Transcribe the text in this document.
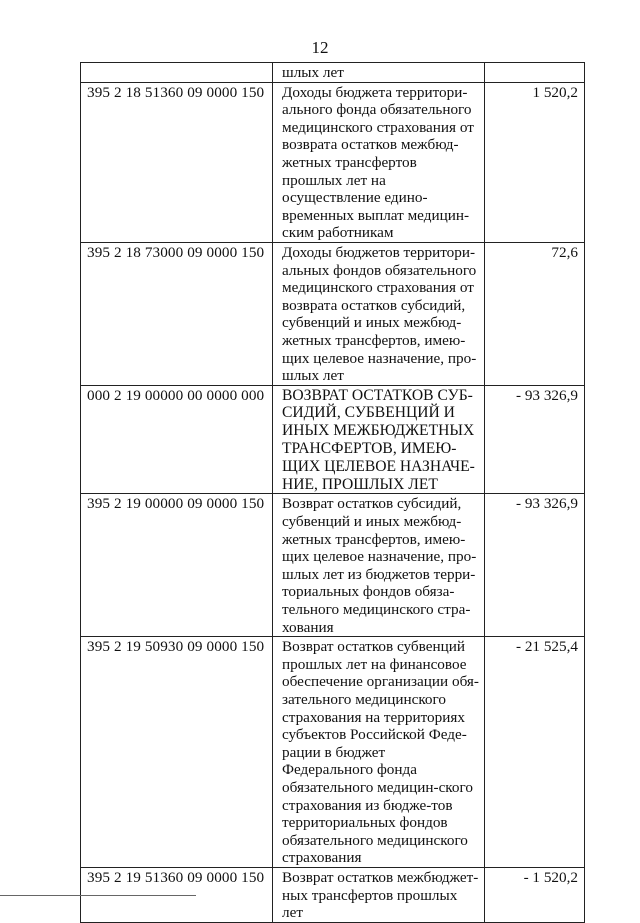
12
	шлых лет	
395 2 18 51360 09 0000 150	Доходы бюджета территори-ального фонда обязательного медицинского страхования от возврата остатков межбюд-жетных трансфертов прошлых лет на осуществление едино-временных выплат медицин-ским работникам	1 520,2
395 2 18 73000 09 0000 150	Доходы бюджетов территори-альных фондов обязательного медицинского страхования от возврата остатков субсидий, субвенций и иных межбюд-жетных трансфертов, имею-щих целевое назначение, про-шлых лет	72,6
000 2 19 00000 00 0000 000	ВОЗВРАТ ОСТАТКОВ СУБ-СИДИЙ, СУБВЕНЦИЙ И ИНЫХ МЕЖБЮДЖЕТНЫХ ТРАНСФЕРТОВ, ИМЕЮ-ЩИХ ЦЕЛЕВОЕ НАЗНАЧЕ-НИЕ, ПРОШЛЫХ ЛЕТ	- 93 326,9
395 2 19 00000 09 0000 150	Возврат остатков субсидий, субвенций и иных межбюд-жетных трансфертов, имею-щих целевое назначение, про-шлых лет из бюджетов терри-ториальных фондов обяза-тельного медицинского стра-хования	- 93 326,9
395 2 19 50930 09 0000 150	Возврат остатков субвенций прошлых лет на финансовое обеспечение организации обя-зательного медицинского страхования на территориях субъектов Российской Феде-рации в бюджет Федерального фонда обязательного медицин-ского страхования из бюдже-тов территориальных фондов обязательного медицинского страхования	- 21 525,4
395 2 19 51360 09 0000 150	Возврат остатков межбюджет-ных трансфертов прошлых лет	- 1 520,2
